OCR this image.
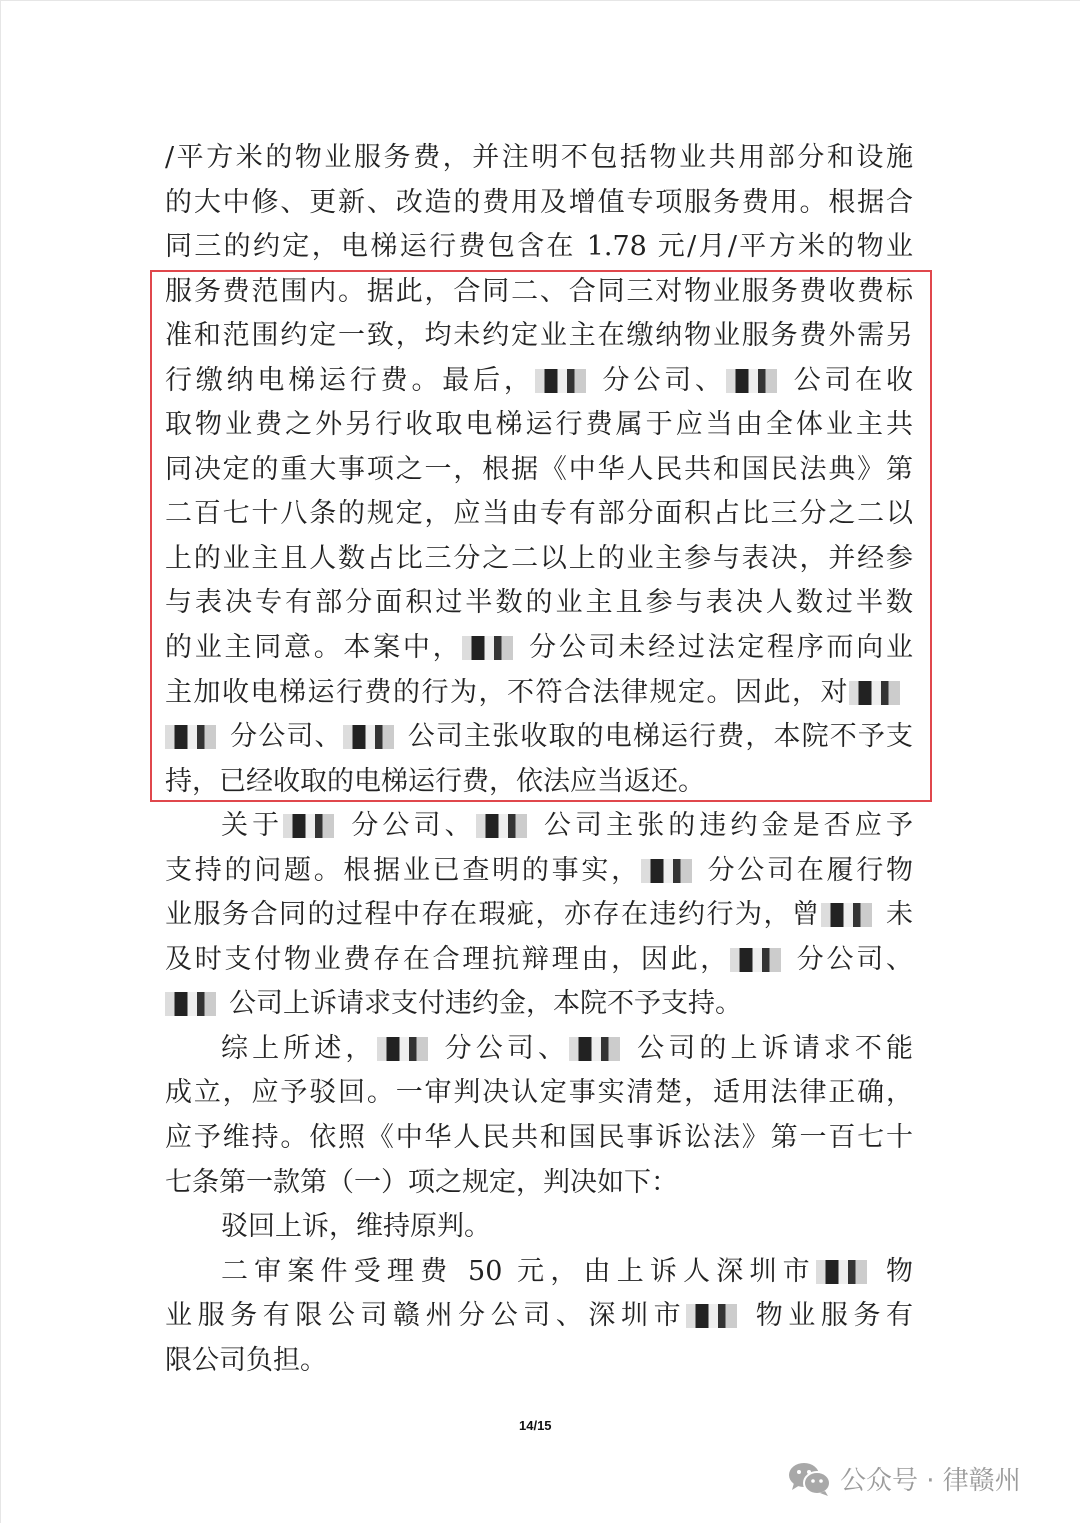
/平方米的物业服务费，并注明不包括物业共用部分和设施
的大中修、更新、改造的费用及增值专项服务费用。根据合
同三的约定，电梯运行费包含在 1.78 元/月/平方米的物业
服务费范围内。据此，合同二、合同三对物业服务费收费标
准和范围约定一致，均未约定业主在缴纳物业服务费外需另
行缴纳电梯运行费。最后， 分公司、 公司在收
取物业费之外另行收取电梯运行费属于应当由全体业主共
同决定的重大事项之一，根据《中华人民共和国民法典》第
二百七十八条的规定，应当由专有部分面积占比三分之二以
上的业主且人数占比三分之二以上的业主参与表决，并经参
与表决专有部分面积过半数的业主且参与表决人数过半数
的业主同意。本案中， 分公司未经过法定程序而向业
主加收电梯运行费的行为，不符合法律规定。因此，对
分公司、 公司主张收取的电梯运行费，本院不予支
持，已经收取的电梯运行费，依法应当返还。
关于 分公司、 公司主张的违约金是否应予
支持的问题。根据业已查明的事实， 分公司在履行物
业服务合同的过程中存在瑕疵，亦存在违约行为，曾 未
及时支付物业费存在合理抗辩理由，因此， 分公司、
公司上诉请求支付违约金，本院不予支持。
综上所述， 分公司、 公司的上诉请求不能
成立，应予驳回。一审判决认定事实清楚，适用法律正确，
应予维持。依照《中华人民共和国民事诉讼法》第一百七十
七条第一款第（一）项之规定，判决如下：
驳回上诉，维持原判。
二审案件受理费 50 元，由上诉人深圳市 物
业服务有限公司赣州分公司、深圳市 物业服务有
限公司负担。
14/15
公众号 · 律赣州
